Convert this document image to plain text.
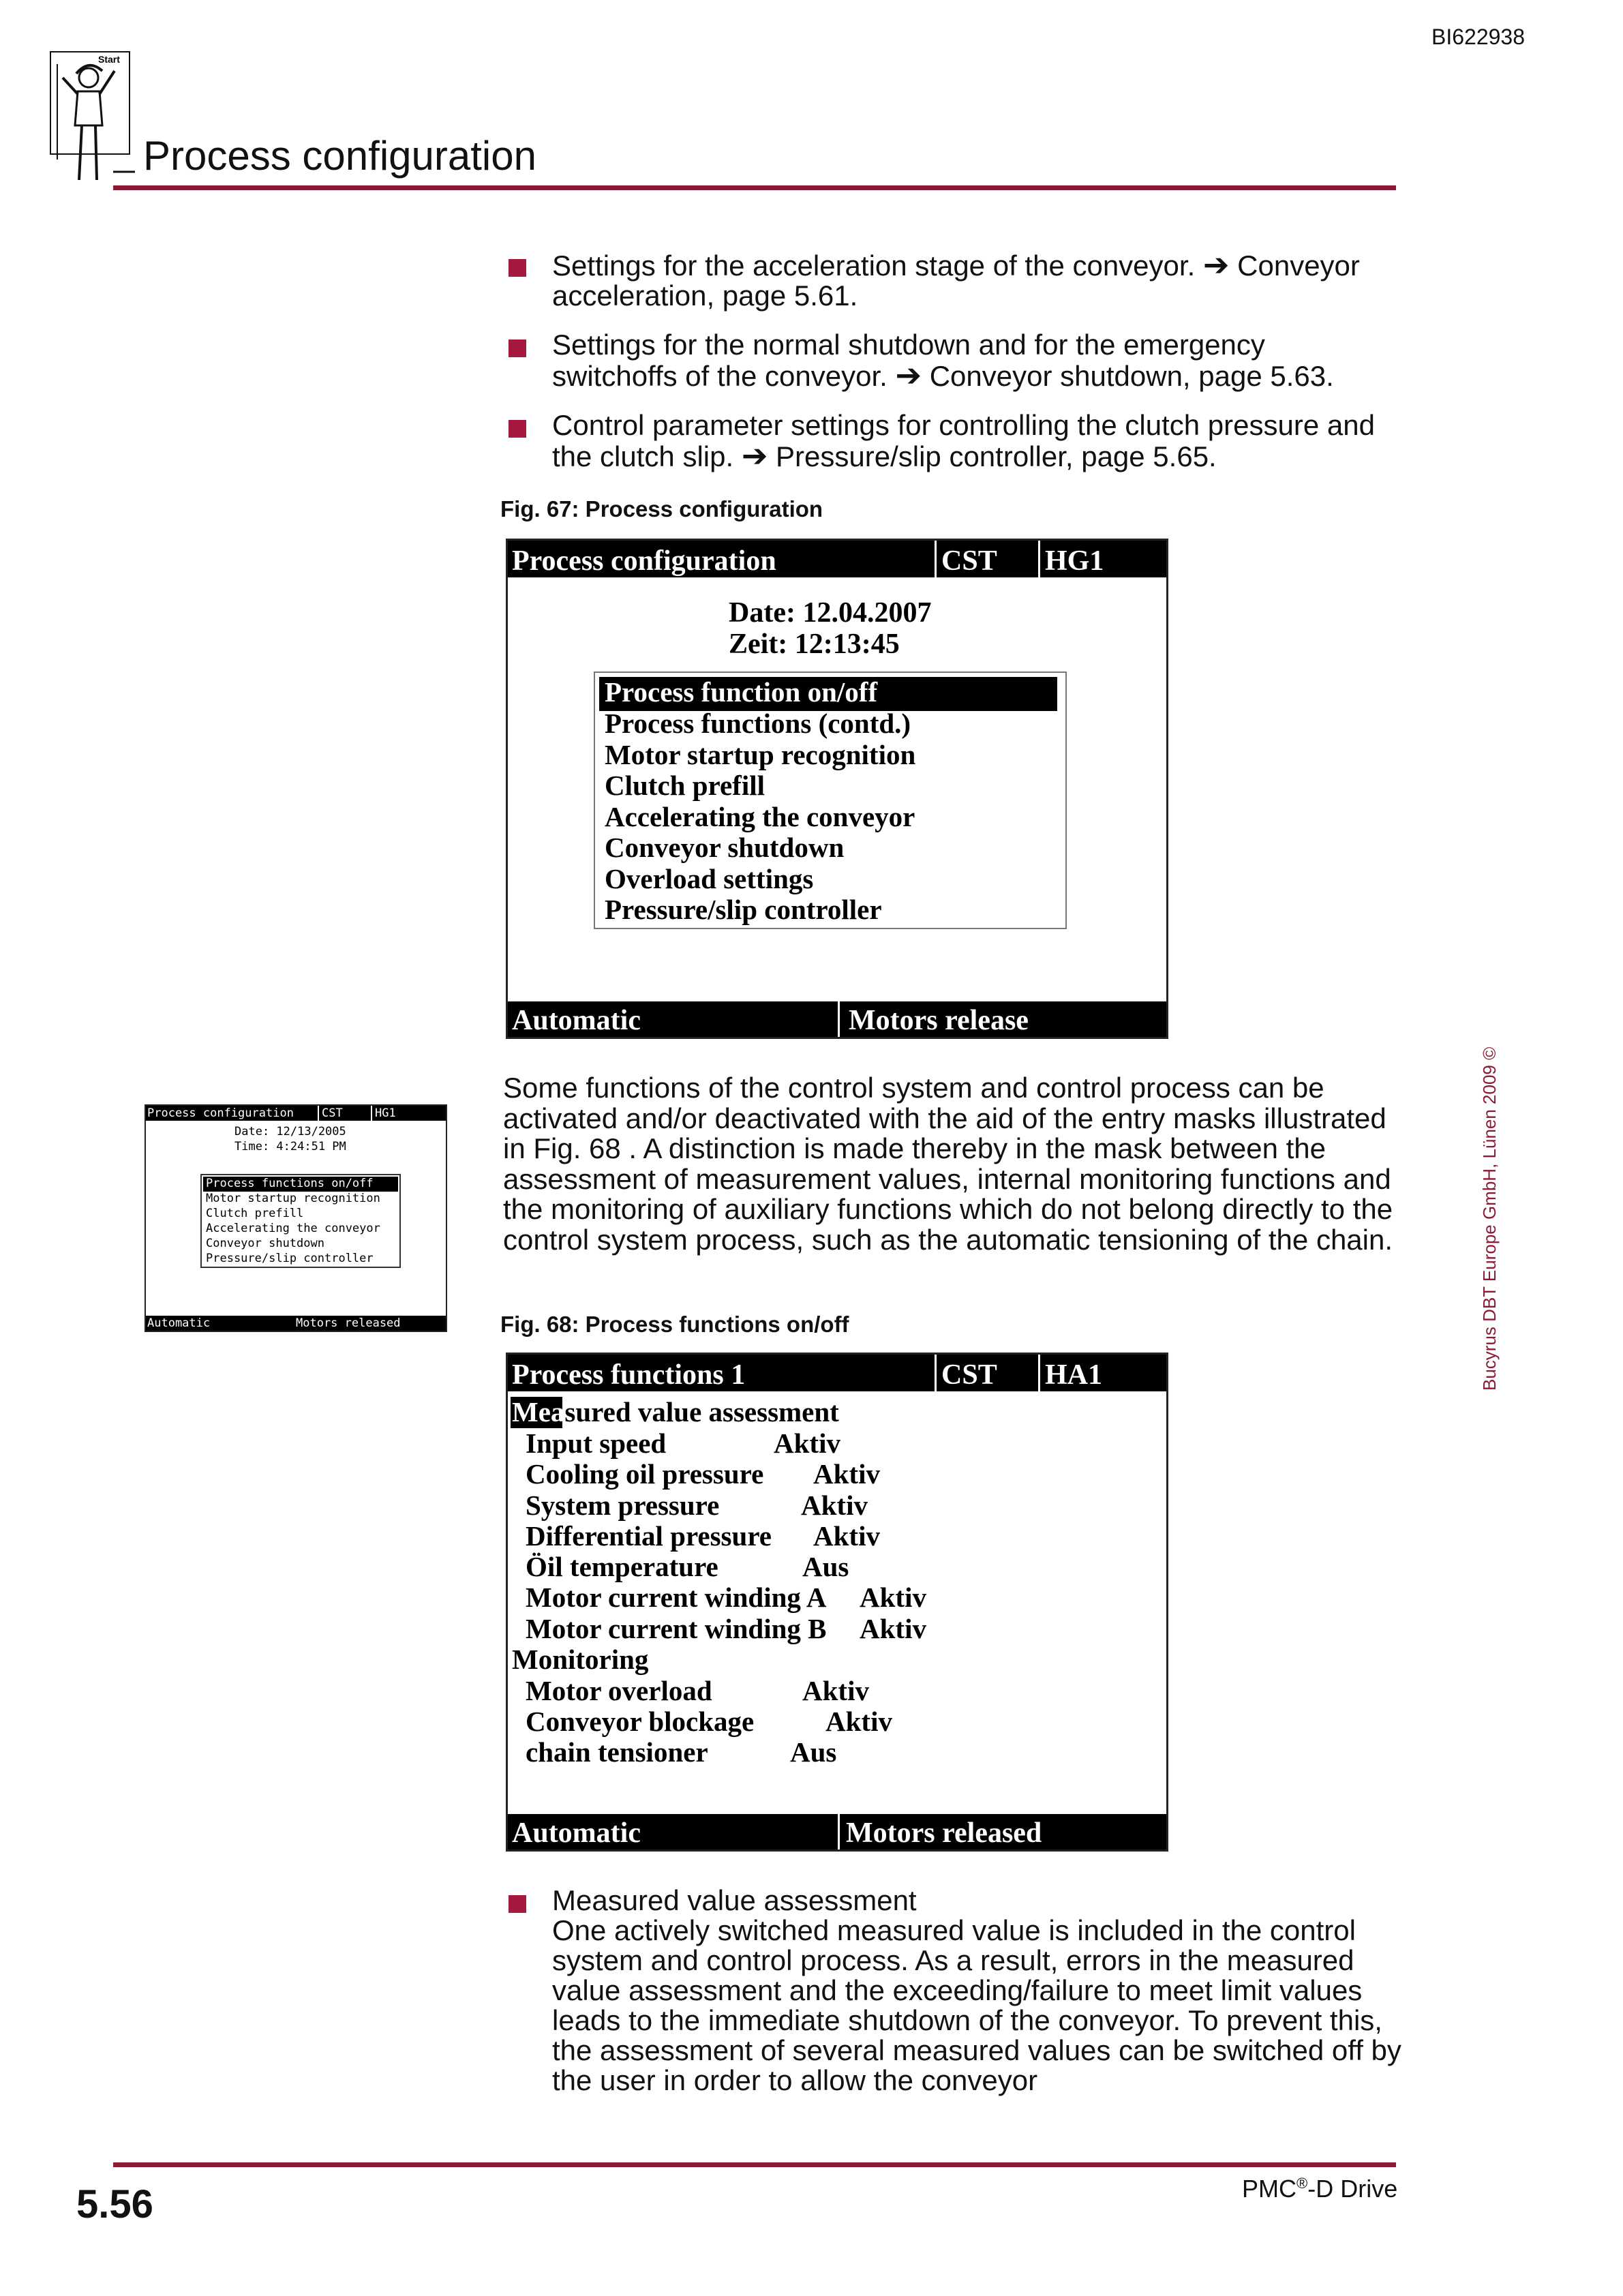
BI622938
Start
Process configuration
Settings for the acceleration stage of the conveyor. ➔ Conveyor acceleration, page 5.61.
Settings for the normal shutdown and for the emergency switchoffs of the conveyor. ➔ Conveyor shutdown, page 5.63.
Control parameter settings for controlling the clutch pressure and the clutch slip. ➔ Pressure/slip controller, page 5.65.
Fig. 67: Process configuration
Process configuration	CST HG1
Date: 12.04.2007
Zeit: 12:13:45
Process function on/off
Process functions (contd.)
Motor startup recognition
Clutch prefill
Accelerating the conveyor
Conveyor shutdown
Overload settings
Pressure/slip controller
Automatic	Motors release
Process configuration CST	HG1
Date: 12/13/2005
Time: 4:24:51 PM
Process functions on/off
Motor startup recognition
Clutch prefill
Accelerating the conveyor
Conveyor shutdown
Pressure/slip controller
Automatic	Motors released
Some functions of the control system and control process can be activated and/or deactivated with the aid of the entry masks illustrated in Fig. 68 . A distinction is made thereby in the mask between the assessment of measurement values, internal monitoring functions and the monitoring of auxiliary functions which do not belong directly to the control system process, such as the automatic tensioning of the chain.
Fig. 68: Process functions on/off
Process functions 1	CST HA1
Measured value assessment
Input speed	Aktiv
Cooling oil pressure Aktiv
System pressure	Aktiv
Differential pressure Aktiv
Öil temperature	Aus
Motor current winding A Aktiv
Motor current winding B Aktiv
Monitoring
Motor overload	Aktiv
Conveyor blockage	Aktiv
chain tensioner	Aus
Automatic	Motors released
Measured value assessment
One actively switched measured value is included in the control system and control process. As a result, errors in the measured value assessment and the exceeding/failure to meet limit values leads to the immediate shutdown of the conveyor. To prevent this, the assessment of several measured values can be switched off by the user in order to allow the conveyor
Bucyrus DBT Europe GmbH, Lünen 2009 ©
5.56	PMC®-D Drive
